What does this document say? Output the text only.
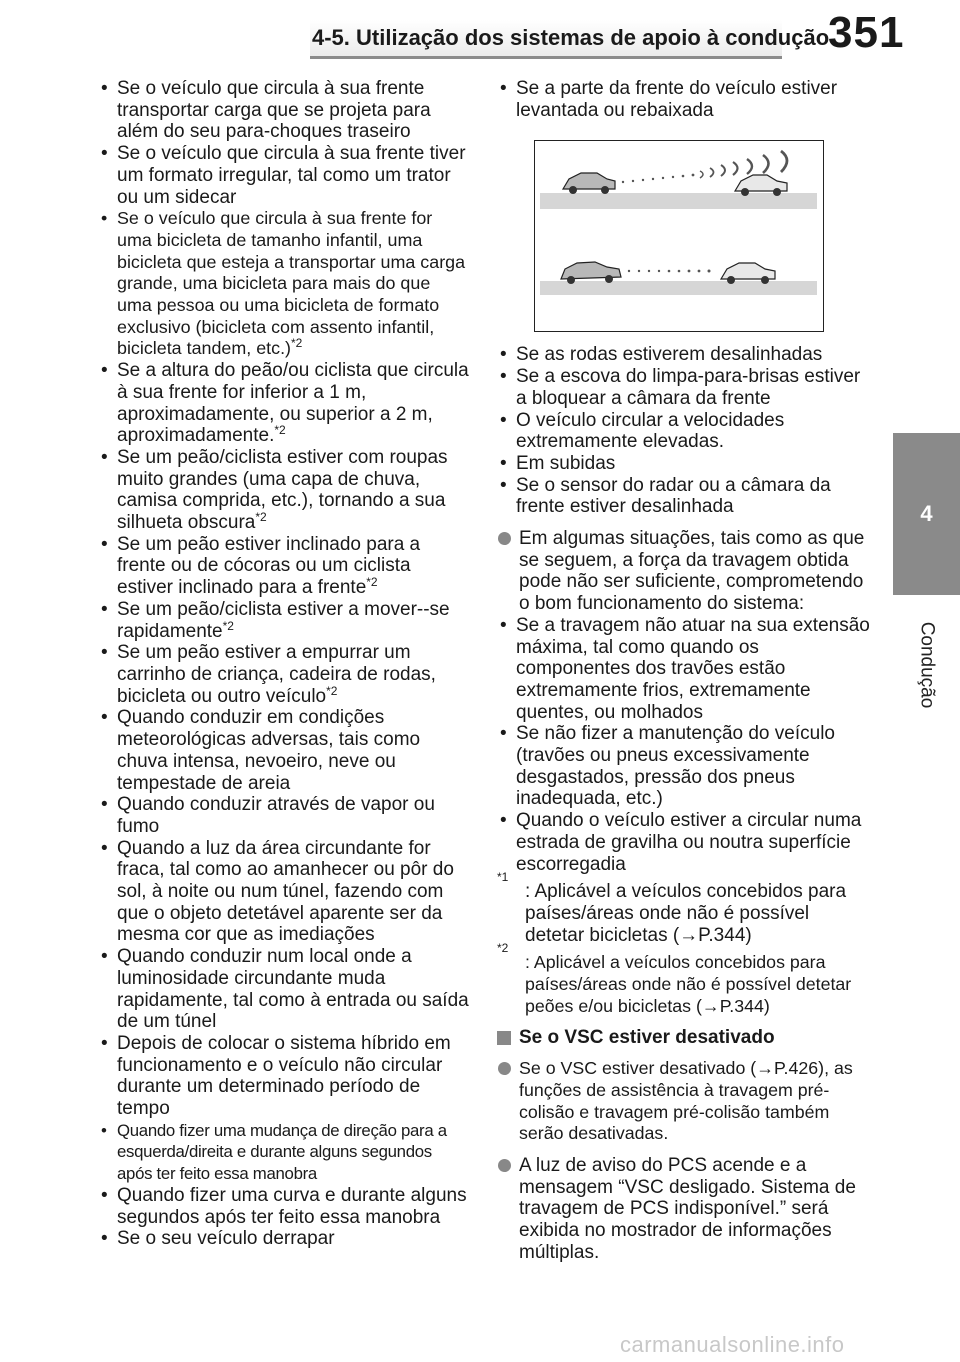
4-5. Utilização dos sistemas de apoio à condução
351
4
Condução
• Se o veículo que circula à sua frente transportar carga que se projeta para além do seu para-choques traseiro
• Se o veículo que circula à sua frente tiver um formato irregular, tal como um trator ou um sidecar
• Se o veículo que circula à sua frente for uma bicicleta de tamanho infantil, uma bicicleta que esteja a transportar uma carga grande, uma bicicleta para mais do que uma pessoa ou uma bicicleta de formato exclusivo (bicicleta com assento infantil, bicicleta tandem, etc.)$^{*2}$
• Se a altura do peão/ou ciclista que circula à sua frente for inferior a 1 m, aproximadamente, ou superior a 2 m, aproximadamente.$^{*2}$
• Se um peão/ciclista estiver com roupas muito grandes (uma capa de chuva, camisa comprida, etc.), tornando a sua silhueta obscura$^{*2}$
• Se um peão estiver inclinado para a frente ou de cócoras ou um ciclista estiver inclinado para a frente$^{*2}$
• Se um peão/ciclista estiver a mover--se rapidamente$^{*2}$
• Se um peão estiver a empurrar um carrinho de criança, cadeira de rodas, bicicleta ou outro veículo$^{*2}$
• Quando conduzir em condições meteorológicas adversas, tais como chuva intensa, nevoeiro, neve ou tempestade de areia
• Quando conduzir através de vapor ou fumo
• Quando a luz da área circundante for fraca, tal como ao amanhecer ou pôr do sol, à noite ou num túnel, fazendo com que o objeto detetável aparente ser da mesma cor que as imediações
• Quando conduzir num local onde a luminosidade circundante muda rapidamente, tal como à entrada ou saída de um túnel
• Depois de colocar o sistema híbrido em funcionamento e o veículo não circular durante um determinado período de tempo
• Quando fizer uma mudança de direção para a esquerda/direita e durante alguns segundos após ter feito essa manobra
• Quando fizer uma curva e durante alguns segundos após ter feito essa manobra
• Se o seu veículo derrapar
• Se a parte da frente do veículo estiver levantada ou rebaixada
• Se as rodas estiverem desalinhadas
• Se a escova do limpa-para-brisas estiver a bloquear a câmara da frente
• O veículo circular a velocidades extremamente elevadas.
• Em subidas
• Se o sensor do radar ou a câmara da frente estiver desalinhada
Em algumas situações, tais como as que se seguem, a força da travagem obtida pode não ser suficiente, comprometendo o bom funcionamento do sistema:
• Se a travagem não atuar na sua extensão máxima, tal como quando os componentes dos travões estão extremamente frios, extremamente quentes, ou molhados
• Se não fizer a manutenção do veículo (travões ou pneus excessivamente desgastados, pressão dos pneus inadequada, etc.)
• Quando o veículo estiver a circular numa estrada de gravilha ou noutra superfície escorregadia
*1
: Aplicável a veículos concebidos para países/áreas onde não é possível detetar bicicletas (→P.344)
*2
: Aplicável a veículos concebidos para países/áreas onde não é possível detetar peões e/ou bicicletas (→P.344)
Se o VSC estiver desativado
Se o VSC estiver desativado (→P.426), as funções de assistência à travagem pré-colisão e travagem pré-colisão também serão desativadas.
A luz de aviso do PCS acende e a mensagem “VSC desligado. Sistema de travagem de PCS indisponível.” será exibida no mostrador de informações múltiplas.
carmanualsonline.info
